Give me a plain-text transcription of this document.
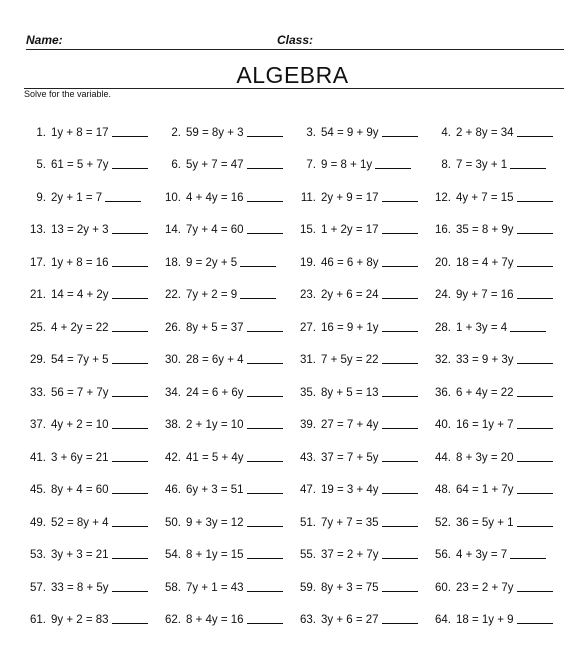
Name:	Class:
ALGEBRA
Solve for the variable.
1. 1y + 8 = 17	2. 59 = 8y + 3	3. 54 = 9 + 9y	4. 2 + 8y = 34
5. 61 = 5 + 7y	6. 5y + 7 = 47	7. 9 = 8 + 1y	8. 7 = 3y + 1
9. 2y + 1 = 7	10. 4 + 4y = 16	11. 2y + 9 = 17	12. 4y + 7 = 15
13. 13 = 2y + 3	14. 7y + 4 = 60	15. 1 + 2y = 17	16. 35 = 8 + 9y
17. 1y + 8 = 16	18. 9 = 2y + 5	19. 46 = 6 + 8y	20. 18 = 4 + 7y
21. 14 = 4 + 2y	22. 7y + 2 = 9	23. 2y + 6 = 24	24. 9y + 7 = 16
25. 4 + 2y = 22	26. 8y + 5 = 37	27. 16 = 9 + 1y	28. 1 + 3y = 4
29. 54 = 7y + 5	30. 28 = 6y + 4	31. 7 + 5y = 22	32. 33 = 9 + 3y
33. 56 = 7 + 7y	34. 24 = 6 + 6y	35. 8y + 5 = 13	36. 6 + 4y = 22
37. 4y + 2 = 10	38. 2 + 1y = 10	39. 27 = 7 + 4y	40. 16 = 1y + 7
41. 3 + 6y = 21	42. 41 = 5 + 4y	43. 37 = 7 + 5y	44. 8 + 3y = 20
45. 8y + 4 = 60	46. 6y + 3 = 51	47. 19 = 3 + 4y	48. 64 = 1 + 7y
49. 52 = 8y + 4	50. 9 + 3y = 12	51. 7y + 7 = 35	52. 36 = 5y + 1
53. 3y + 3 = 21	54. 8 + 1y = 15	55. 37 = 2 + 7y	56. 4 + 3y = 7
57. 33 = 8 + 5y	58. 7y + 1 = 43	59. 8y + 3 = 75	60. 23 = 2 + 7y
61. 9y + 2 = 83	62. 8 + 4y = 16	63. 3y + 6 = 27	64. 18 = 1y + 9
